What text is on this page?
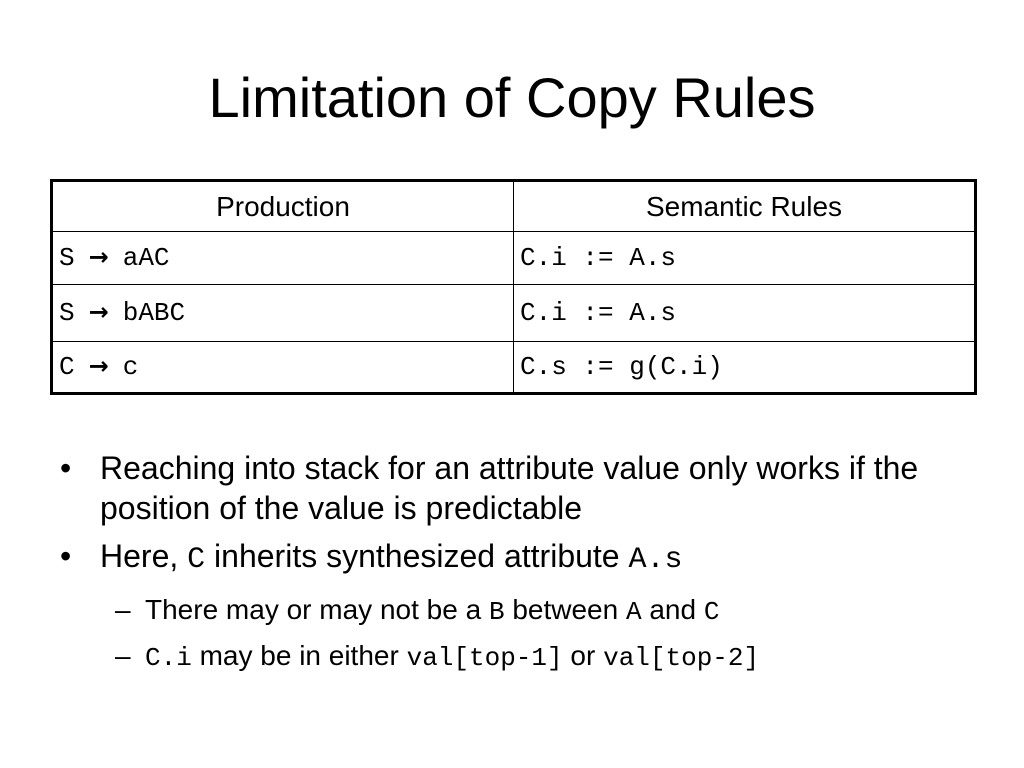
Limitation of Copy Rules
Production	Semantic Rules
S → aAC	C.i := A.s
S → bABC	C.i := A.s
C → c	C.s := g(C.i)
• Reaching into stack for an attribute value only works if the position of the value is predictable
• Here, C inherits synthesized attribute A.s
– There may or may not be a B between A and C
– C.i may be in either val[top-1] or val[top-2]
